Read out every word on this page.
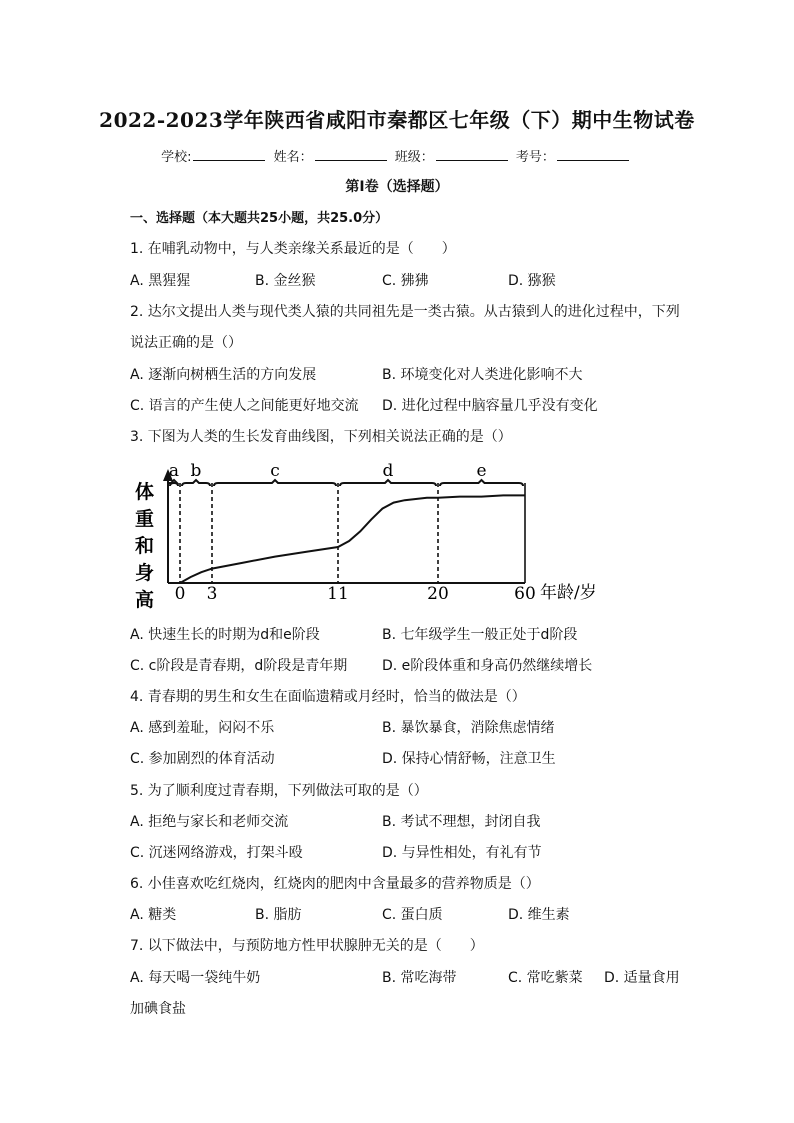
2022-2023学年陕西省咸阳市秦都区七年级（下）期中生物试卷
学校:	姓名：	班级：	考号：
第Ⅰ卷（选择题）
一、选择题（本大题共25小题，共25.0分）
1. 在哺乳动物中，与人类亲缘关系最近的是（　　）
A. 黑猩猩	B. 金丝猴	C. 狒狒	D. 猕猴
2. 达尔文提出人类与现代类人猿的共同祖先是一类古猿。从古猿到人的进化过程中，下列
说法正确的是（）
A. 逐渐向树栖生活的方向发展	B. 环境变化对人类进化影响不大
C. 语言的产生使人之间能更好地交流 D. 进化过程中脑容量几乎没有变化
3. 下图为人类的生长发育曲线图，下列相关说法正确的是（）
体
重
和
身
高
a b	c	d	e
0 3	11	20	60 年龄/岁
A. 快速生长的时期为d和e阶段	B. 七年级学生一般正处于d阶段
C. c阶段是青春期，d阶段是青年期 D. e阶段体重和身高仍然继续增长
4. 青春期的男生和女生在面临遗精或月经时，恰当的做法是（）
A. 感到羞耻，闷闷不乐	B. 暴饮暴食，消除焦虑情绪
C. 参加剧烈的体育活动	D. 保持心情舒畅，注意卫生
5. 为了顺利度过青春期，下列做法可取的是（）
A. 拒绝与家长和老师交流	B. 考试不理想，封闭自我
C. 沉迷网络游戏，打架斗殴	D. 与异性相处，有礼有节
6. 小佳喜欢吃红烧肉，红烧肉的肥肉中含量最多的营养物质是（）
A. 糖类	B. 脂肪	C. 蛋白质	D. 维生素
7. 以下做法中，与预防地方性甲状腺肿无关的是（　　）
A. 每天喝一袋纯牛奶	B. 常吃海带	C. 常吃紫菜 D. 适量食用
加碘食盐
